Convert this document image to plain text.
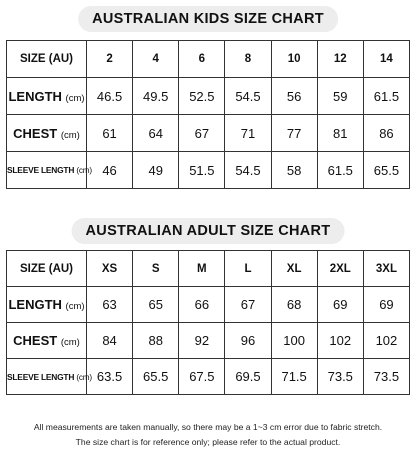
AUSTRALIAN KIDS SIZE CHART
SIZE (AU)	2	4	6	8	10	12	14
LENGTH (cm)	46.5	49.5	52.5	54.5	56	59	61.5
CHEST (cm)	61	64	67	71	77	81	86
SLEEVE LENGTH (cm)	46	49	51.5	54.5	58	61.5	65.5
AUSTRALIAN ADULT SIZE CHART
SIZE (AU)	XS	S	M	L	XL	2XL	3XL
LENGTH (cm)	63	65	66	67	68	69	69
CHEST (cm)	84	88	92	96	100	102	102
SLEEVE LENGTH (cm)	63.5	65.5	67.5	69.5	71.5	73.5	73.5
All measurements are taken manually, so there may be a 1~3 cm error due to fabric stretch.
The size chart is for reference only; please refer to the actual product.
